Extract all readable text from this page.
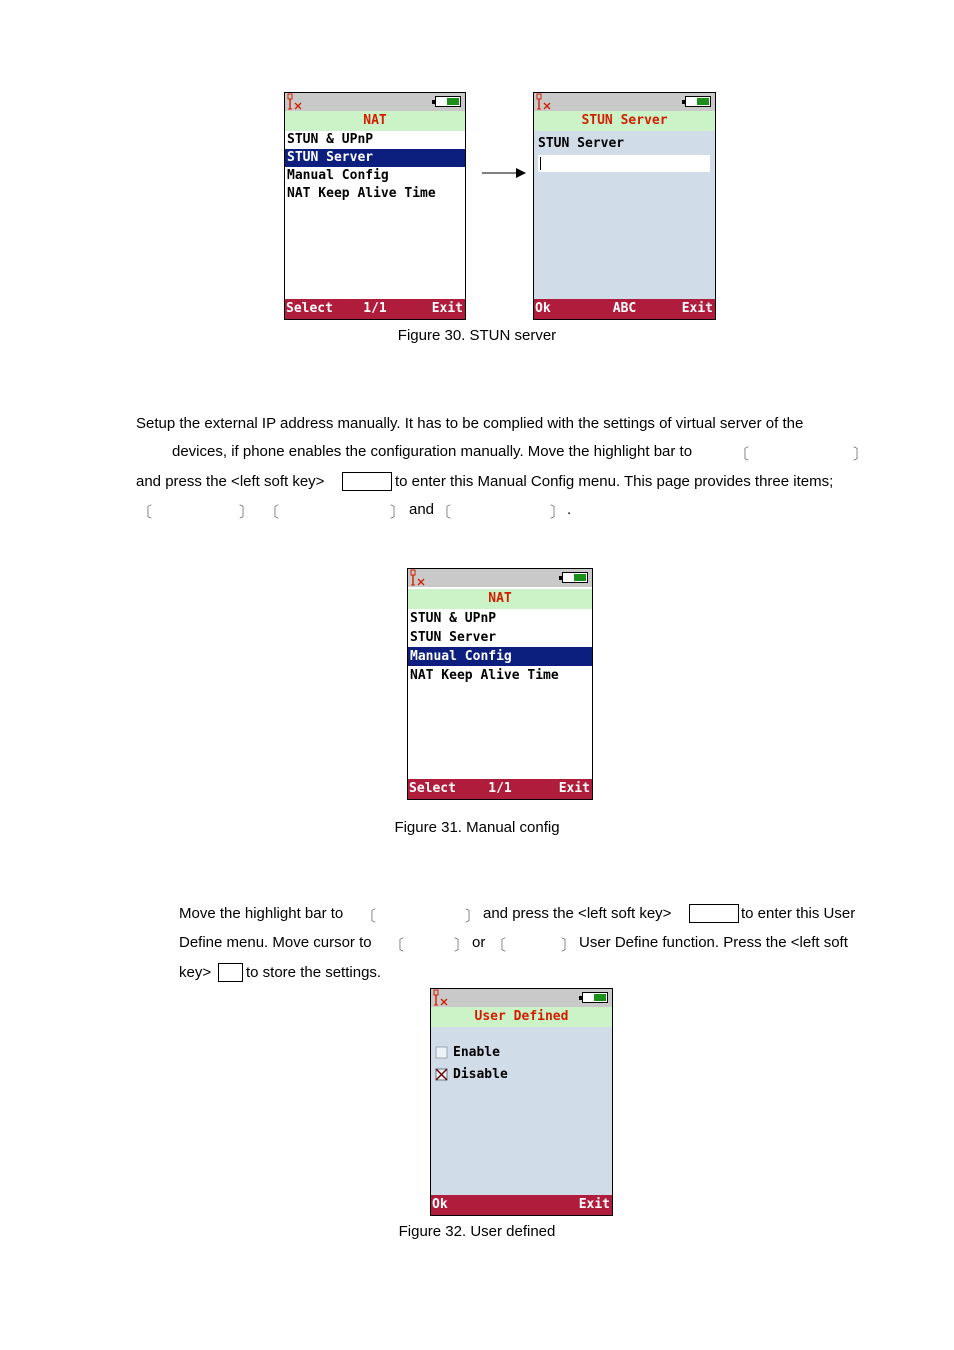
NAT
STUN & UPnP
STUN Server
Manual Config
NAT Keep Alive Time
1/1
Select	Exit
STUN Server
STUN Server
ABC
Ok	Exit
Figure 30. STUN server
Setup the external IP address manually. It has to be complied with the settings of virtual server of the
devices, if phone enables the configuration manually. Move the highlight bar to	〔	〕
and press the <left soft key>	to enter this Manual Config menu. This page provides three items;
〔	〕 〔	〕 and 〔	〕 .
NAT
STUN & UPnP
STUN Server
Manual Config
NAT Keep Alive Time
1/1
Select	Exit
Figure 31. Manual config
Move the highlight bar to 〔	〕 and press the <left soft key>	to enter this User
Define menu. Move cursor to 〔	〕 or 〔	〕 User Define function. Press the <left soft
key> to store the settings.
User Defined
Enable
Disable
Ok	Exit
Figure 32. User defined
